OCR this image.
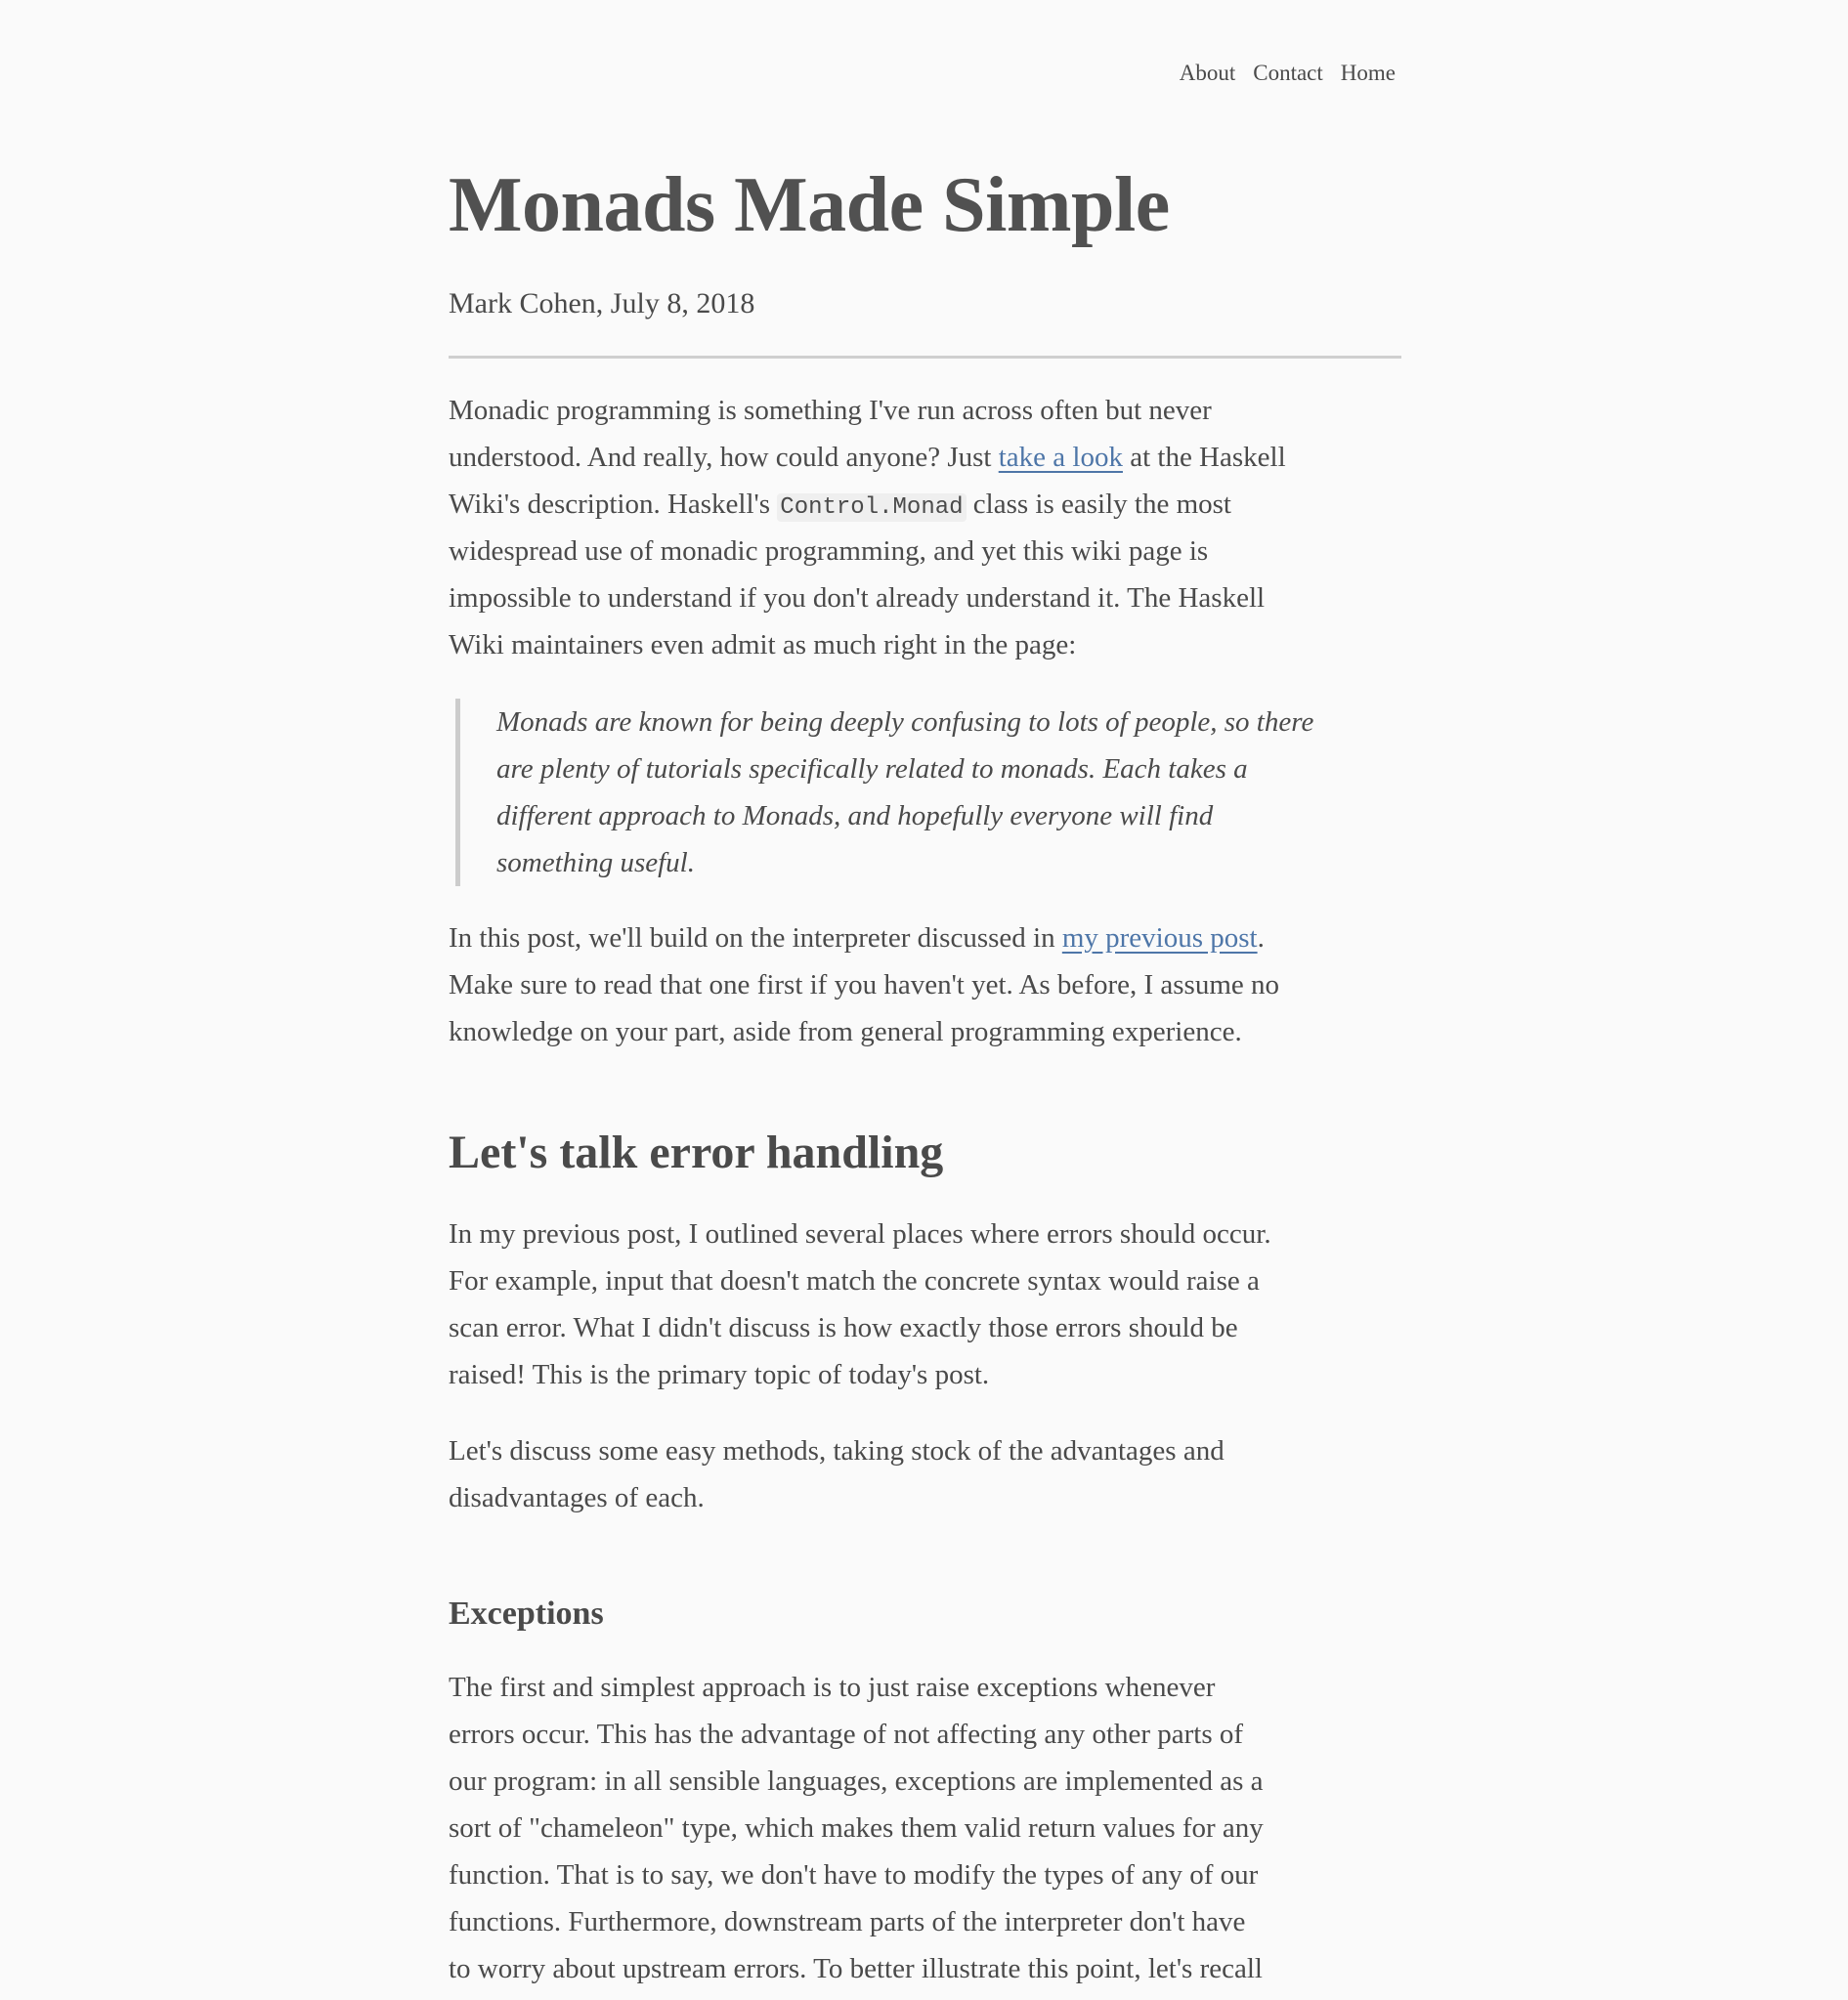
About Contact Home
Monads Made Simple
Mark Cohen, July 8, 2018
Monadic programming is something I've run across often but never
understood. And really, how could anyone? Just take a look at the Haskell
Wiki's description. Haskell's Control.Monad class is easily the most
widespread use of monadic programming, and yet this wiki page is
impossible to understand if you don't already understand it. The Haskell
Wiki maintainers even admit as much right in the page:
Monads are known for being deeply confusing to lots of people, so there
are plenty of tutorials specifically related to monads. Each takes a
different approach to Monads, and hopefully everyone will find
something useful.
In this post, we'll build on the interpreter discussed in my previous post.
Make sure to read that one first if you haven't yet. As before, I assume no
knowledge on your part, aside from general programming experience.
Let's talk error handling
In my previous post, I outlined several places where errors should occur.
For example, input that doesn't match the concrete syntax would raise a
scan error. What I didn't discuss is how exactly those errors should be
raised! This is the primary topic of today's post.
Let's discuss some easy methods, taking stock of the advantages and
disadvantages of each.
Exceptions
The first and simplest approach is to just raise exceptions whenever
errors occur. This has the advantage of not affecting any other parts of
our program: in all sensible languages, exceptions are implemented as a
sort of "chameleon" type, which makes them valid return values for any
function. That is to say, we don't have to modify the types of any of our
functions. Furthermore, downstream parts of the interpreter don't have
to worry about upstream errors. To better illustrate this point, let's recall
